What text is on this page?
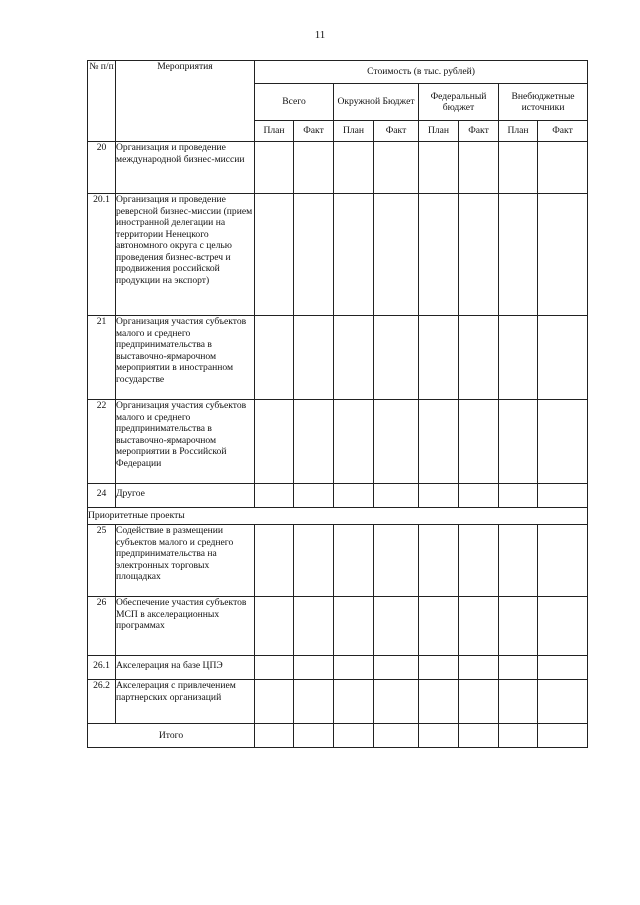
11
№ п/п	Мероприятия	Стоимость (в тыс. рублей)							
		Всего		Окружной Бюджет		Федеральный бюджет		Внебюджетные источники	
		План	Факт	План	Факт	План	Факт	План	Факт
20	Организация и проведение международной бизнес-миссии								
20.1	Организация и проведение реверсной бизнес-миссии (прием иностранной делегации на территории Ненецкого автономного округа с целью проведения бизнес-встреч и продвижения российской продукции на экспорт)								
21	Организация участия субъектов малого и среднего предпринимательства в выставочно-ярмарочном мероприятии в иностранном государстве								
22	Организация участия субъектов малого и среднего предпринимательства в выставочно-ярмарочном мероприятии в Российской Федерации								
24	Другое								
Приоритетные проекты									
25	Содействие в размещении субъектов малого и среднего предпринимательства на электронных торговых площадках								
26	Обеспечение участия субъектов МСП в акселерационных программах								
26.1	Акселерация на базе ЦПЭ								
26.2	Акселерация с привлечением партнерских организаций								
Итого									
